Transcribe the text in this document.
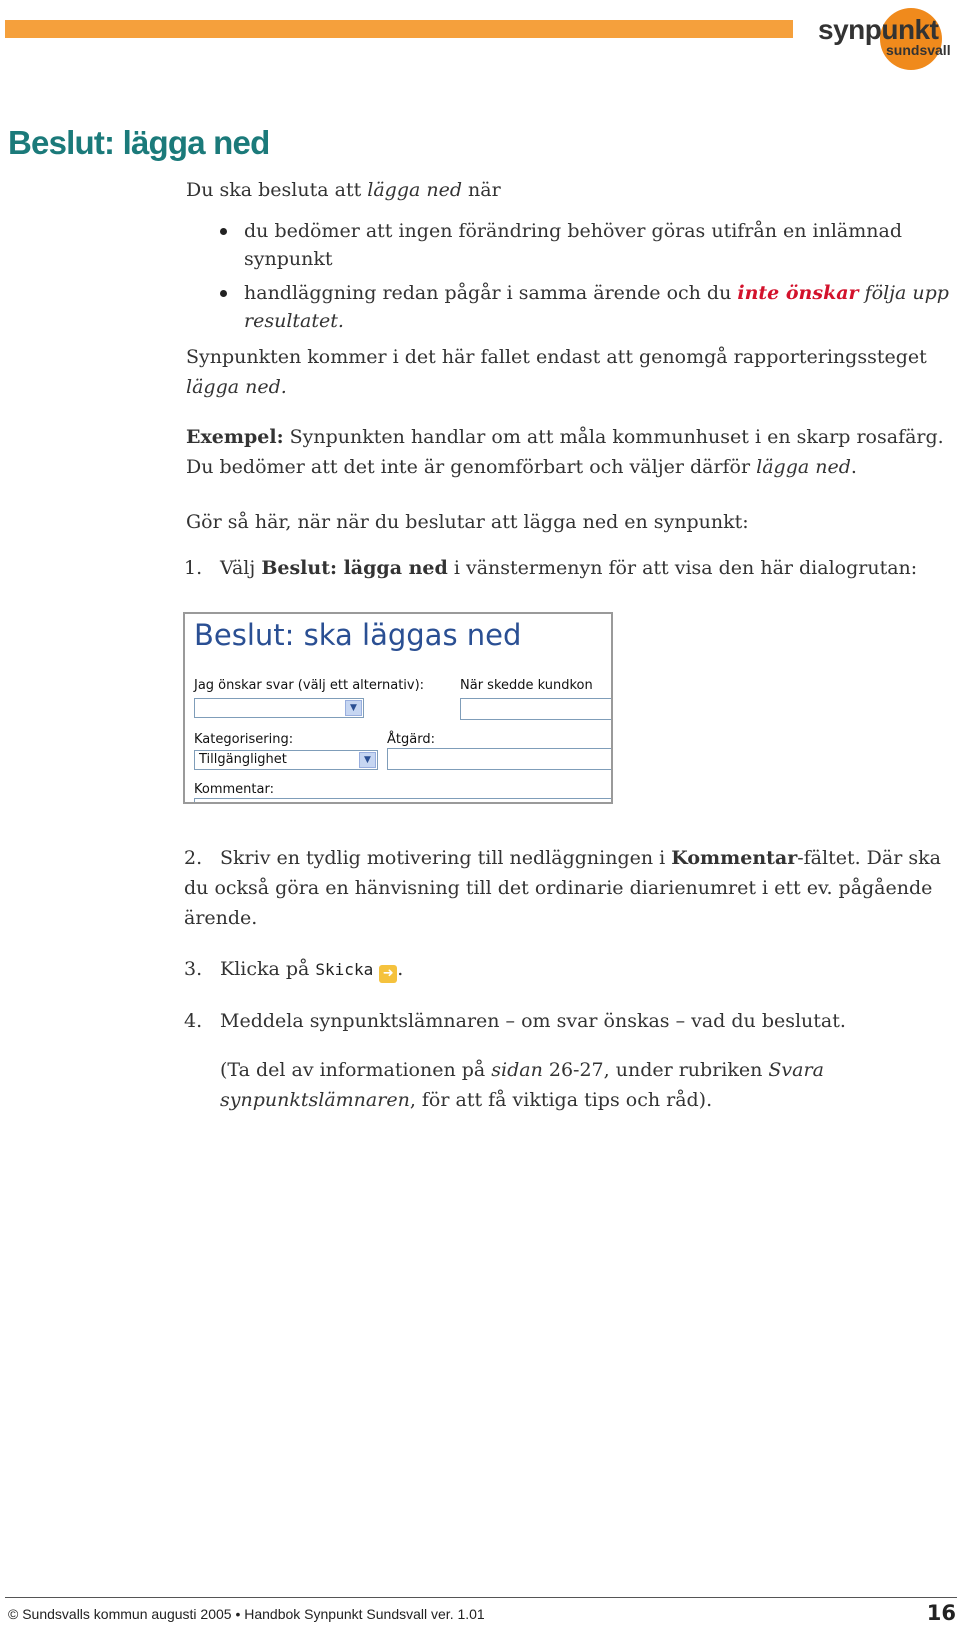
synpunkt
sundsvall
Beslut: lägga ned

Du ska besluta att lägga ned när

du bedömer att ingen förändring behöver göras utifrån en inlämnad synpunkt
handläggning redan pågår i samma ärende och du inte önskar följa upp resultatet.

Synpunkten kommer i det här fallet endast att genomgå rapporteringssteget lägga ned.

Exempel: Synpunkten handlar om att måla kommunhuset i en skarp rosafärg. Du bedömer att det inte är genomförbart och väljer därför lägga ned.

Gör så här, när när du beslutar att lägga ned en synpunkt:

1. Välj Beslut: lägga ned i vänstermenyn för att visa den här dialogrutan:

Beslut: ska läggas ned
Jag önskar svar (välj ett alternativ):	När skedde kundkon
▼
Kategorisering:	Åtgärd:
Tillgänglighet	▼
Kommentar:

2. Skriv en tydlig motivering till nedläggningen i Kommentar-fältet. Där ska du också göra en hänvisning till det ordinarie diarienumret i ett ev. pågående ärende.

3. Klicka på Skicka ➜ .

4. Meddela synpunktslämnaren – om svar önskas – vad du beslutat.

(Ta del av informationen på sidan 26-27, under rubriken Svara synpunktslämnaren, för att få viktiga tips och råd).

© Sundsvalls kommun augusti 2005 • Handbok Synpunkt Sundsvall ver. 1.01	16
